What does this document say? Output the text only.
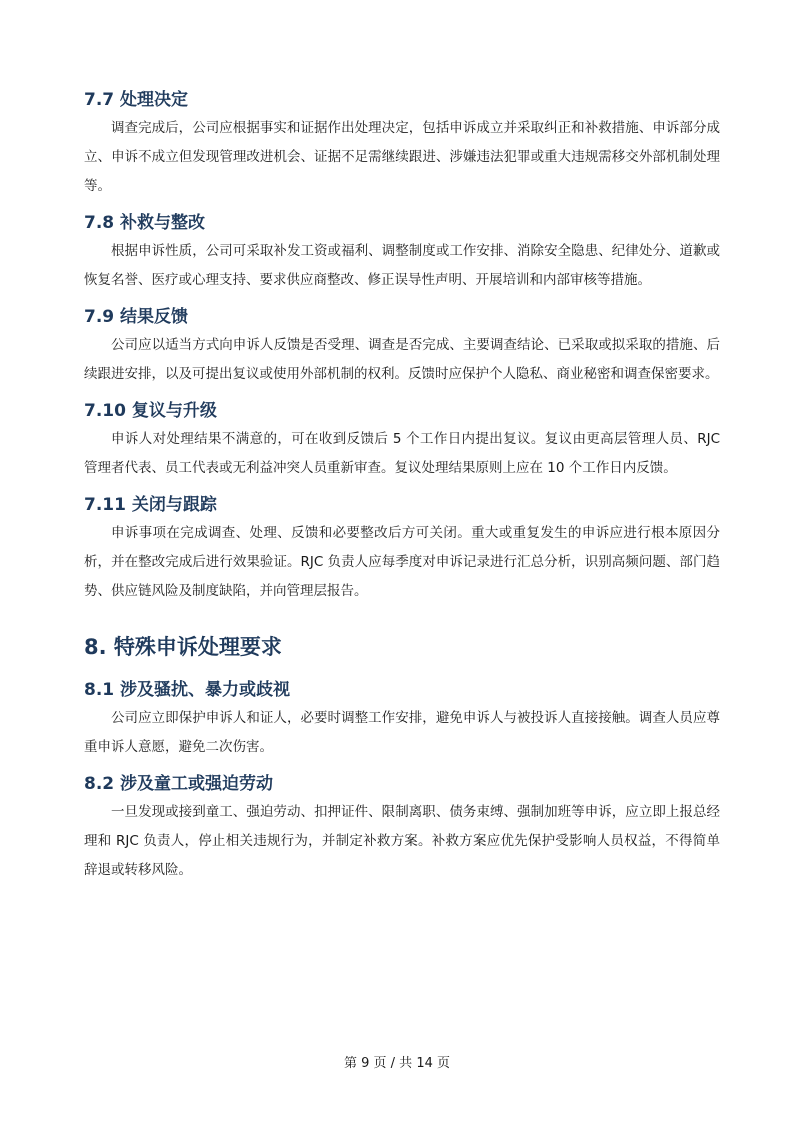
7.7 处理决定

调查完成后，公司应根据事实和证据作出处理决定，包括申诉成立并采取纠正和补救措施、申诉部分成立、申诉不成立但发现管理改进机会、证据不足需继续跟进、涉嫌违法犯罪或重大违规需移交外部机制处理等。

7.8 补救与整改

根据申诉性质，公司可采取补发工资或福利、调整制度或工作安排、消除安全隐患、纪律处分、道歉或恢复名誉、医疗或心理支持、要求供应商整改、修正误导性声明、开展培训和内部审核等措施。

7.9 结果反馈

公司应以适当方式向申诉人反馈是否受理、调查是否完成、主要调查结论、已采取或拟采取的措施、后续跟进安排，以及可提出复议或使用外部机制的权利。反馈时应保护个人隐私、商业秘密和调查保密要求。

7.10 复议与升级

申诉人对处理结果不满意的，可在收到反馈后 5 个工作日内提出复议。复议由更高层管理人员、RJC 管理者代表、员工代表或无利益冲突人员重新审查。复议处理结果原则上应在 10 个工作日内反馈。

7.11 关闭与跟踪

申诉事项在完成调查、处理、反馈和必要整改后方可关闭。重大或重复发生的申诉应进行根本原因分析，并在整改完成后进行效果验证。RJC 负责人应每季度对申诉记录进行汇总分析，识别高频问题、部门趋势、供应链风险及制度缺陷，并向管理层报告。

8. 特殊申诉处理要求
8.1 涉及骚扰、暴力或歧视

公司应立即保护申诉人和证人，必要时调整工作安排，避免申诉人与被投诉人直接接触。调查人员应尊重申诉人意愿，避免二次伤害。

8.2 涉及童工或强迫劳动

一旦发现或接到童工、强迫劳动、扣押证件、限制离职、债务束缚、强制加班等申诉，应立即上报总经理和 RJC 负责人，停止相关违规行为，并制定补救方案。补救方案应优先保护受影响人员权益，不得简单辞退或转移风险。

第 9 页 / 共 14 页
